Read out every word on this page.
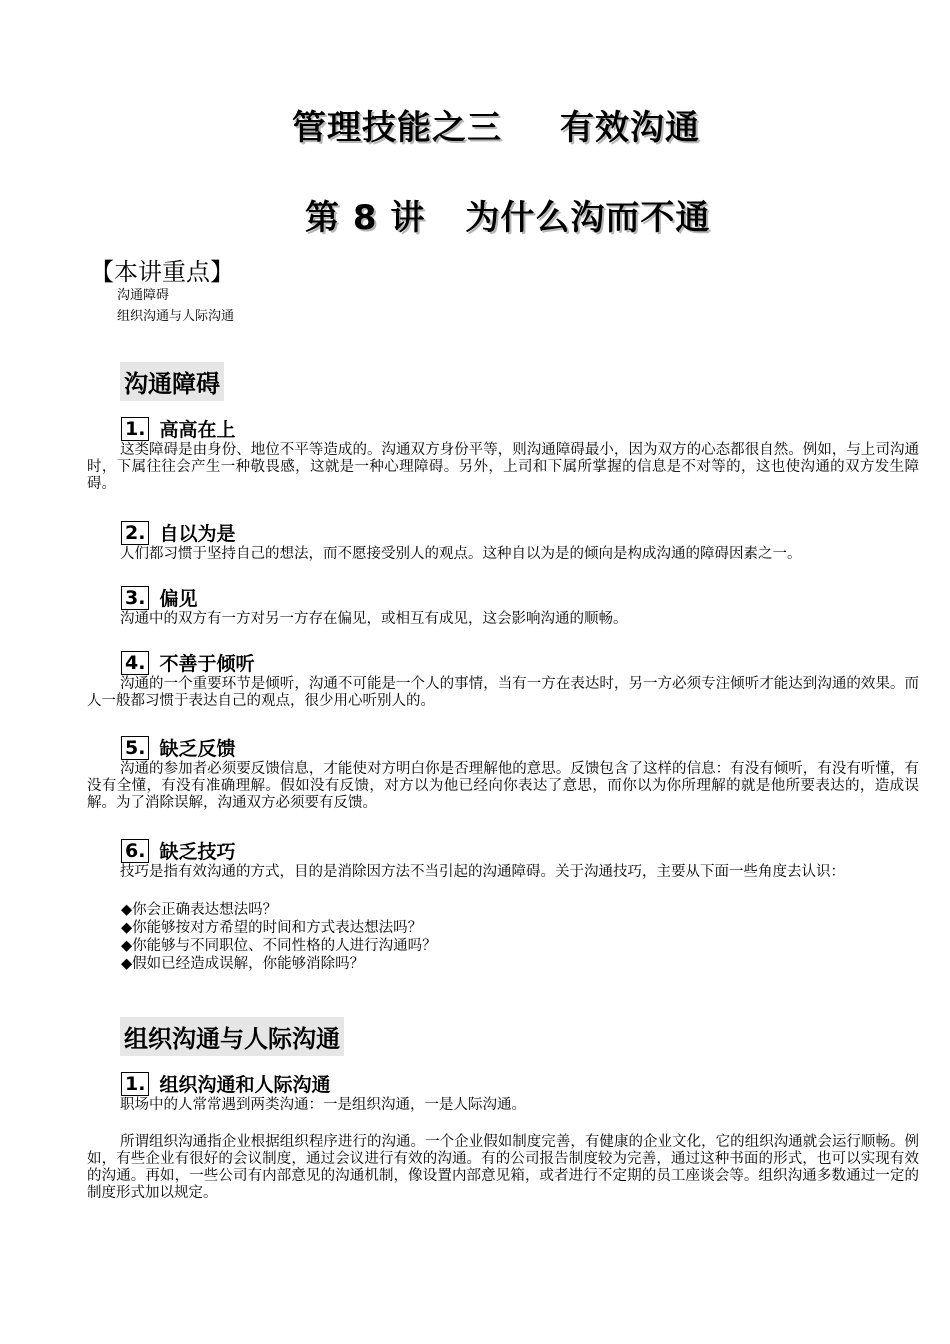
管理技能之三 有效沟通
第 8 讲 为什么沟而不通
【本讲重点】
沟通障碍
组织沟通与人际沟通
沟通障碍
1. 高高在上

这类障碍是由身份、地位不平等造成的。沟通双方身份平等，则沟通障碍最小，因为双方的心态都很自然。例如，与上司沟通时，下属往往会产生一种敬畏感，这就是一种心理障碍。另外，上司和下属所掌握的信息是不对等的，这也使沟通的双方发生障碍。

2. 自以为是

人们都习惯于坚持自己的想法，而不愿接受别人的观点。这种自以为是的倾向是构成沟通的障碍因素之一。

3. 偏见

沟通中的双方有一方对另一方存在偏见，或相互有成见，这会影响沟通的顺畅。

4. 不善于倾听

沟通的一个重要环节是倾听，沟通不可能是一个人的事情，当有一方在表达时，另一方必须专注倾听才能达到沟通的效果。而人一般都习惯于表达自己的观点，很少用心听别人的。

5. 缺乏反馈

沟通的参加者必须要反馈信息，才能使对方明白你是否理解他的意思。反馈包含了这样的信息：有没有倾听，有没有听懂，有没有全懂，有没有准确理解。假如没有反馈，对方以为他已经向你表达了意思，而你以为你所理解的就是他所要表达的，造成误解。为了消除误解，沟通双方必须要有反馈。

6. 缺乏技巧

技巧是指有效沟通的方式，目的是消除因方法不当引起的沟通障碍。关于沟通技巧，主要从下面一些角度去认识：

◆ 你会正确表达想法吗？
◆ 你能够按对方希望的时间和方式表达想法吗？
◆ 你能够与不同职位、不同性格的人进行沟通吗？
◆ 假如已经造成误解，你能够消除吗？
组织沟通与人际沟通
1. 组织沟通和人际沟通

职场中的人常常遇到两类沟通：一是组织沟通，一是人际沟通。

所谓组织沟通指企业根据组织程序进行的沟通。一个企业假如制度完善，有健康的企业文化，它的组织沟通就会运行顺畅。例如，有些企业有很好的会议制度，通过会议进行有效的沟通。有的公司报告制度较为完善，通过这种书面的形式，也可以实现有效的沟通。再如，一些公司有内部意见的沟通机制，像设置内部意见箱，或者进行不定期的员工座谈会等。组织沟通多数通过一定的制度形式加以规定。
